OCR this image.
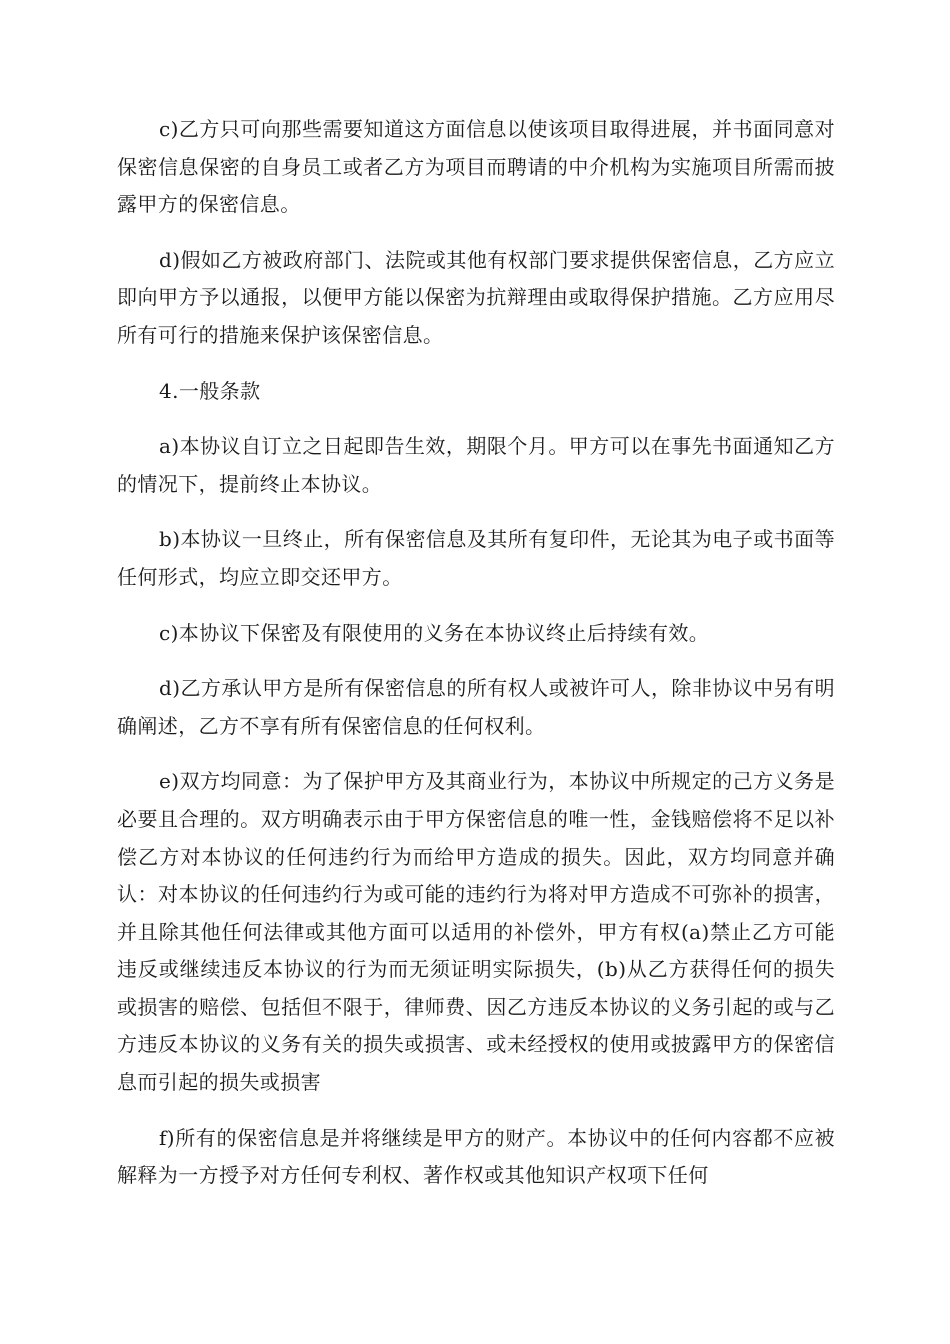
c)乙方只可向那些需要知道这方面信息以使该项目取得进展，并书面同意对保密信息保密的自身员工或者乙方为项目而聘请的中介机构为实施项目所需而披露甲方的保密信息。

d)假如乙方被政府部门、法院或其他有权部门要求提供保密信息，乙方应立即向甲方予以通报，以便甲方能以保密为抗辩理由或取得保护措施。乙方应用尽所有可行的措施来保护该保密信息。

4.一般条款

a)本协议自订立之日起即告生效，期限个月。甲方可以在事先书面通知乙方的情况下，提前终止本协议。

b)本协议一旦终止，所有保密信息及其所有复印件，无论其为电子或书面等任何形式，均应立即交还甲方。

c)本协议下保密及有限使用的义务在本协议终止后持续有效。

d)乙方承认甲方是所有保密信息的所有权人或被许可人，除非协议中另有明确阐述，乙方不享有所有保密信息的任何权利。

e)双方均同意：为了保护甲方及其商业行为，本协议中所规定的己方义务是必要且合理的。双方明确表示由于甲方保密信息的唯一性，金钱赔偿将不足以补偿乙方对本协议的任何违约行为而给甲方造成的损失。因此，双方均同意并确认：对本协议的任何违约行为或可能的违约行为将对甲方造成不可弥补的损害，并且除其他任何法律或其他方面可以适用的补偿外，甲方有权(a)禁止乙方可能违反或继续违反本协议的行为而无须证明实际损失，(b)从乙方获得任何的损失或损害的赔偿、包括但不限于，律师费、因乙方违反本协议的义务引起的或与乙方违反本协议的义务有关的损失或损害、或未经授权的使用或披露甲方的保密信息而引起的损失或损害

f)所有的保密信息是并将继续是甲方的财产。本协议中的任何内容都不应被解释为一方授予对方任何专利权、著作权或其他知识产权项下任何
